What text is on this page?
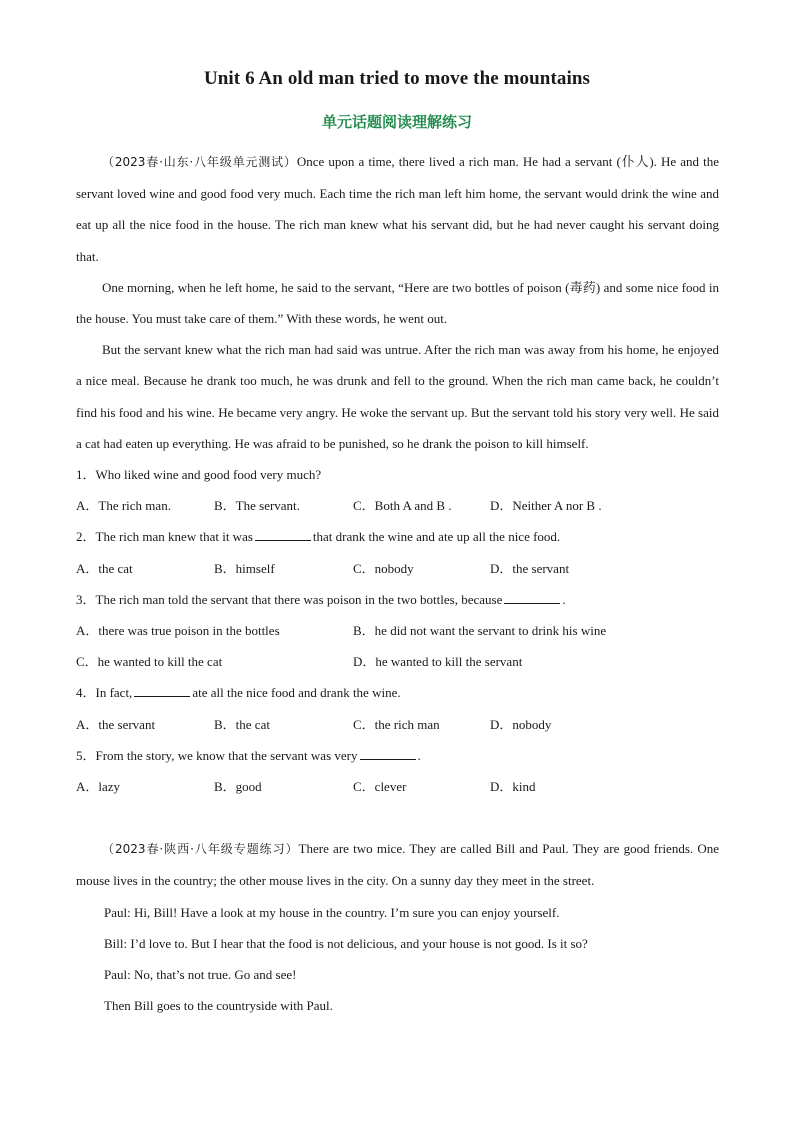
Unit 6 An old man tried to move the mountains
单元话题阅读理解练习

（2023春·山东·八年级单元测试）Once upon a time, there lived a rich man. He had a servant (仆人). He and the servant loved wine and good food very much. Each time the rich man left him home, the servant would drink the wine and eat up all the nice food in the house. The rich man knew what his servant did, but he had never caught his servant doing that.

One morning, when he left home, he said to the servant, “Here are two bottles of poison (毒药) and some nice food in the house. You must take care of them.” With these words, he went out.

But the servant knew what the rich man had said was untrue. After the rich man was away from his home, he enjoyed a nice meal. Because he drank too much, he was drunk and fell to the ground. When the rich man came back, he couldn’t find his food and his wine. He became very angry. He woke the servant up. But the servant told his story very well. He said a cat had eaten up everything. He was afraid to be punished, so he drank the poison to kill himself.

1．Who liked wine and good food very much?

A．The rich man.	B．The servant.	C．Both A and B .	D．Neither A nor B .

2．The rich man knew that it was	that drank the wine and ate up all the nice food.

A．the cat	B．himself	C．nobody	D．the servant

3．The rich man told the servant that there was poison in the two bottles, because	.

A．there was true poison in the bottles	B．he did not want the servant to drink his wine
C．he wanted to kill the cat	D．he wanted to kill the servant

4．In fact,	ate all the nice food and drank the wine.

A．the servant	B．the cat	C．the rich man	D．nobody

5．From the story, we know that the servant was very	.

A．lazy	B．good	C．clever	D．kind

（2023春·陕西·八年级专题练习）There are two mice. They are called Bill and Paul. They are good friends. One mouse lives in the country; the other mouse lives in the city. On a sunny day they meet in the street.

Paul: Hi, Bill! Have a look at my house in the country. I’m sure you can enjoy yourself.

Bill: I’d love to. But I hear that the food is not delicious, and your house is not good. Is it so?

Paul: No, that’s not true. Go and see!

Then Bill goes to the countryside with Paul.
